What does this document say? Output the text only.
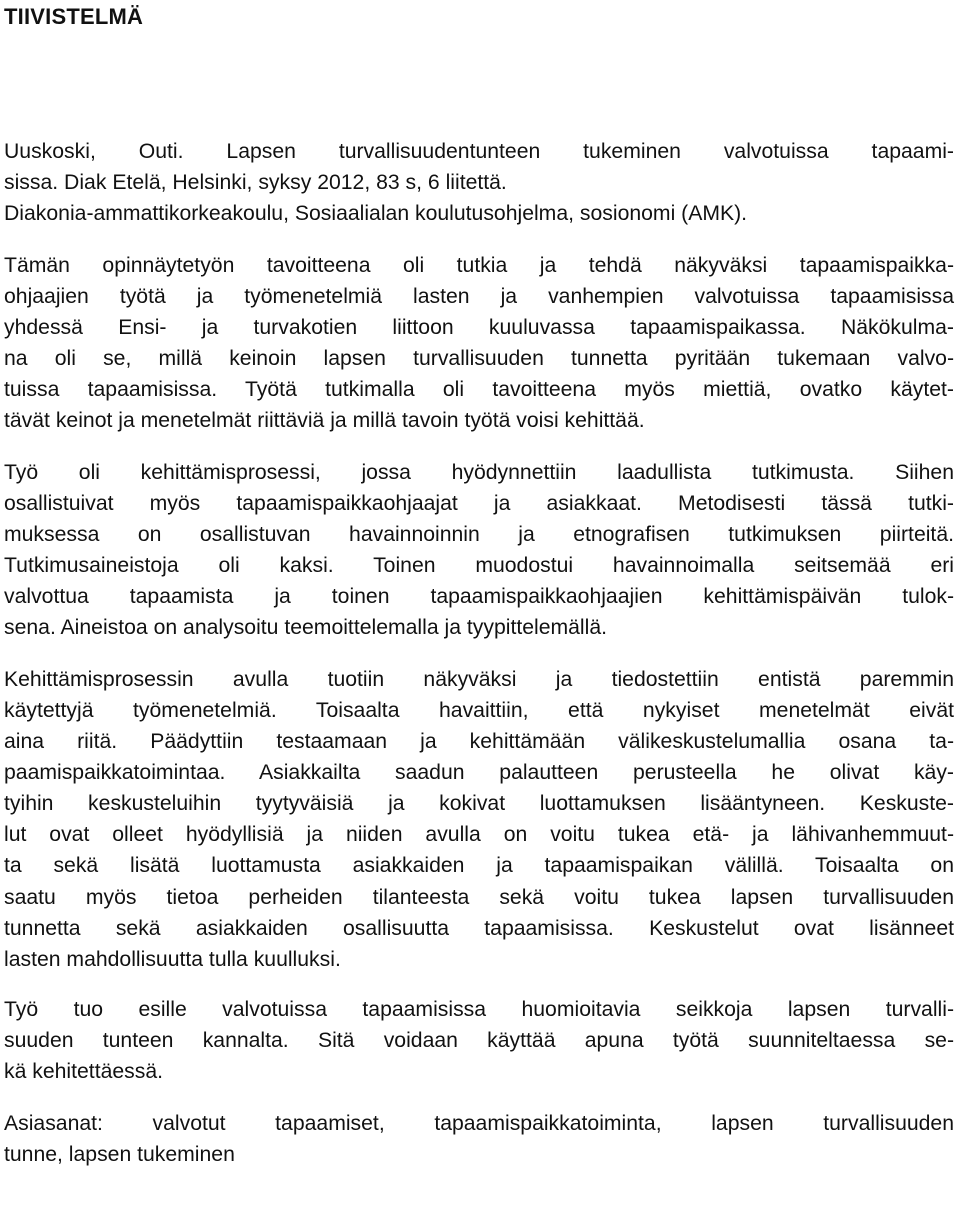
TIIVISTELMÄ
Uuskoski, Outi. Lapsen turvallisuudentunteen tukeminen valvotuissa tapaami-
sissa. Diak Etelä, Helsinki, syksy 2012, 83 s, 6 liitettä.
Diakonia-ammattikorkeakoulu, Sosiaalialan koulutusohjelma, sosionomi (AMK).
Tämän opinnäytetyön tavoitteena oli tutkia ja tehdä näkyväksi tapaamispaikka-
ohjaajien työtä ja työmenetelmiä lasten ja vanhempien valvotuissa tapaamisissa
yhdessä Ensi- ja turvakotien liittoon kuuluvassa tapaamispaikassa. Näkökulma-
na oli se, millä keinoin lapsen turvallisuuden tunnetta pyritään tukemaan valvo-
tuissa tapaamisissa. Työtä tutkimalla oli tavoitteena myös miettiä, ovatko käytet-
tävät keinot ja menetelmät riittäviä ja millä tavoin työtä voisi kehittää.
Työ oli kehittämisprosessi, jossa hyödynnettiin laadullista tutkimusta. Siihen
osallistuivat myös tapaamispaikkaohjaajat ja asiakkaat. Metodisesti tässä tutki-
muksessa on osallistuvan havainnoinnin ja etnografisen tutkimuksen piirteitä.
Tutkimusaineistoja oli kaksi. Toinen muodostui havainnoimalla seitsemää eri
valvottua tapaamista ja toinen tapaamispaikkaohjaajien kehittämispäivän tulok-
sena. Aineistoa on analysoitu teemoittelemalla ja tyypittelemällä.
Kehittämisprosessin avulla tuotiin näkyväksi ja tiedostettiin entistä paremmin
käytettyjä työmenetelmiä. Toisaalta havaittiin, että nykyiset menetelmät eivät
aina riitä. Päädyttiin testaamaan ja kehittämään välikeskustelumallia osana ta-
paamispaikkatoimintaa. Asiakkailta saadun palautteen perusteella he olivat käy-
tyihin keskusteluihin tyytyväisiä ja kokivat luottamuksen lisääntyneen. Keskuste-
lut ovat olleet hyödyllisiä ja niiden avulla on voitu tukea etä- ja lähivanhemmuut-
ta sekä lisätä luottamusta asiakkaiden ja tapaamispaikan välillä. Toisaalta on
saatu myös tietoa perheiden tilanteesta sekä voitu tukea lapsen turvallisuuden
tunnetta sekä asiakkaiden osallisuutta tapaamisissa. Keskustelut ovat lisänneet
lasten mahdollisuutta tulla kuulluksi.
Työ tuo esille valvotuissa tapaamisissa huomioitavia seikkoja lapsen turvalli-
suuden tunteen kannalta. Sitä voidaan käyttää apuna työtä suunniteltaessa se-
kä kehitettäessä.
Asiasanat: valvotut tapaamiset, tapaamispaikkatoiminta, lapsen turvallisuuden
tunne, lapsen tukeminen
